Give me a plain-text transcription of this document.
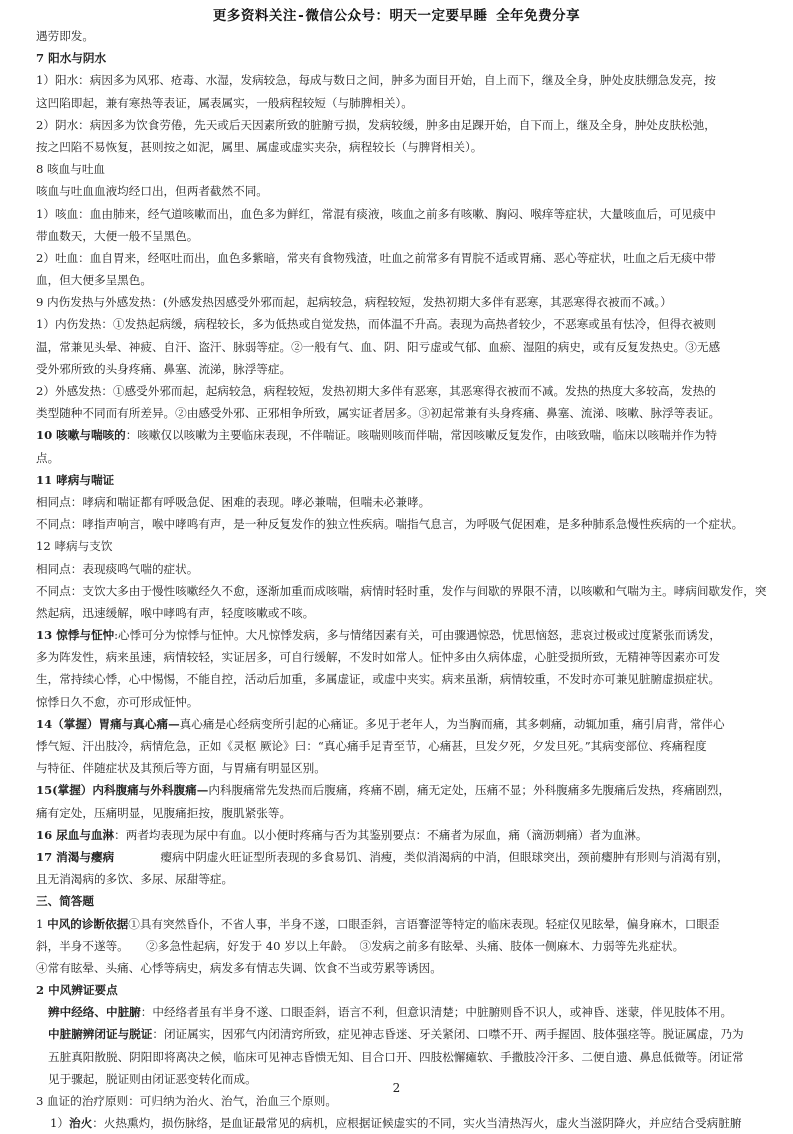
更多资料关注-微信公众号：明天一定要早睡 全年免费分享
遇劳即发。
7 阳水与阴水
1）阳水：病因多为风邪、疮毒、水湿，发病较急，每成与数日之间，肿多为面目开始，自上而下，继及全身，肿处皮肤绷急发亮，按
这凹陷即起，兼有寒热等表证，属表属实，一般病程较短（与肺脾相关）。
2）阴水：病因多为饮食劳倦，先天或后天因素所致的脏腑亏损，发病较缓，肿多由足踝开始，自下而上，继及全身，肿处皮肤松弛，
按之凹陷不易恢复，甚则按之如泥，属里、属虚或虚实夹杂，病程较长（与脾肾相关）。
8 咳血与吐血
咳血与吐血血液均经口出，但两者截然不同。
1）咳血：血由肺来，经气道咳嗽而出，血色多为鲜红，常混有痰液，咳血之前多有咳嗽、胸闷、喉痒等症状，大量咳血后，可见痰中
带血数天，大便一般不呈黑色。
2）吐血：血自胃来，经呕吐而出，血色多紫暗，常夹有食物残渣，吐血之前常多有胃脘不适或胃痛、恶心等症状，吐血之后无痰中带
血，但大便多呈黑色。
9 内伤发热与外感发热：(外感发热因感受外邪而起，起病较急，病程较短，发热初期大多伴有恶寒，其恶寒得衣被而不减。）
1）内伤发热：①发热起病缓，病程较长，多为低热或自觉发热，而体温不升高。表现为高热者较少，不恶寒或虽有怯冷，但得衣被则
温，常兼见头晕、神疲、自汗、盗汗、脉弱等症。②一般有气、血、阴、阳亏虚或气郁、血瘀、湿阻的病史，或有反复发热史。③无感
受外邪所致的头身疼痛、鼻塞、流涕，脉浮等症。
2）外感发热：①感受外邪而起，起病较急，病程较短，发热初期大多伴有恶寒，其恶寒得衣被而不减。发热的热度大多较高，发热的
类型随种不同而有所差异。②由感受外邪、正邪相争所致，属实证者居多。③初起常兼有头身疼痛、鼻塞、流涕、咳嗽、脉浮等表证。
10 咳嗽与喘咳的：咳嗽仅以咳嗽为主要临床表现，不伴喘证。咳喘则咳而伴喘，常因咳嗽反复发作，由咳致喘，临床以咳喘并作为特
点。
11 哮病与喘证
相同点：哮病和喘证都有呼吸急促、困难的表现。哮必兼喘，但喘未必兼哮。
不同点：哮指声响言，喉中哮鸣有声，是一种反复发作的独立性疾病。喘指气息言，为呼吸气促困难，是多种肺系急慢性疾病的一个症状。
12 哮病与支饮
相同点：表现痰鸣气喘的症状。
不同点：支饮大多由于慢性咳嗽经久不愈，逐渐加重而成咳喘，病情时轻时重，发作与间歇的界限不清，以咳嗽和气喘为主。哮病间歇发作，突
然起病，迅速缓解，喉中哮鸣有声，轻度咳嗽或不咳。
13 惊悸与怔忡:心悸可分为惊悸与怔忡。大凡惊悸发病，多与情绪因素有关，可由骤遇惊恐，忧思恼怒，悲哀过极或过度紧张而诱发，
多为阵发性，病来虽速，病情较轻，实证居多，可自行缓解，不发时如常人。怔忡多由久病体虚，心脏受损所致，无精神等因素亦可发
生，常持续心悸，心中惕惕，不能自控，活动后加重，多属虚证，或虚中夹实。病来虽渐，病情较重，不发时亦可兼见脏腑虚损症状。
惊悸日久不愈，亦可形成怔忡。
14（掌握）胃痛与真心痛—真心痛是心经病变所引起的心痛证。多见于老年人，为当胸而痛，其多刺痛，动辄加重，痛引肩背，常伴心
悸气短、汗出肢冷，病情危急，正如《灵枢 厥论》曰：“真心痛手足青至节，心痛甚，旦发夕死，夕发旦死。”其病变部位、疼痛程度
与特征、伴随症状及其预后等方面，与胃痛有明显区别。
15(掌握）内科腹痛与外科腹痛—内科腹痛常先发热而后腹痛，疼痛不剧，痛无定处，压痛不显；外科腹痛多先腹痛后发热，疼痛剧烈，
痛有定处，压痛明显，见腹痛拒按，腹肌紧张等。
16 尿血与血淋：两者均表现为尿中有血。以小便时疼痛与否为其鉴别要点：不痛者为尿血，痛（滴沥刺痛）者为血淋。
17 消渴与瘿病　　　　瘿病中阴虚火旺证型所表现的多食易饥、消瘦，类似消渴病的中消，但眼球突出，颈前瘿肿有形则与消渴有别，
且无消渴病的多饮、多尿、尿甜等症。
三、简答题
1 中风的诊断依据①具有突然昏仆，不省人事，半身不遂，口眼歪斜，言语謇涩等特定的临床表现。轻症仅见眩晕，偏身麻木，口眼歪
斜，半身不遂等。　　②多急性起病，好发于 40 岁以上年龄。　③发病之前多有眩晕、头痛、肢体一侧麻木、力弱等先兆症状。
④常有眩晕、头痛、心悸等病史，病发多有情志失调、饮食不当或劳累等诱因。
2 中风辨证要点
辨中经络、中脏腑：中经络者虽有半身不遂、口眼歪斜，语言不利，但意识清楚；中脏腑则昏不识人，或神昏、迷蒙，伴见肢体不用。
中脏腑辨闭证与脱证：闭证属实，因邪气内闭清窍所致，症见神志昏迷、牙关紧闭、口噤不开、两手握固、肢体强痉等。脱证属虚，乃为
五脏真阳散脱、阴阳即将离决之候，临床可见神志昏愦无知、目合口开、四肢松懈瘫软、手撒肢冷汗多、二便自遗、鼻息低微等。闭证常
见于骤起，脱证则由闭证恶变转化而成。
3 血证的治疗原则：可归纳为治火、治气，治血三个原则。
1）治火：火热熏灼，损伤脉络，是血证最常见的病机，应根据证候虚实的不同，实火当清热泻火，虚火当滋阴降火，并应结合受病脏腑
2
